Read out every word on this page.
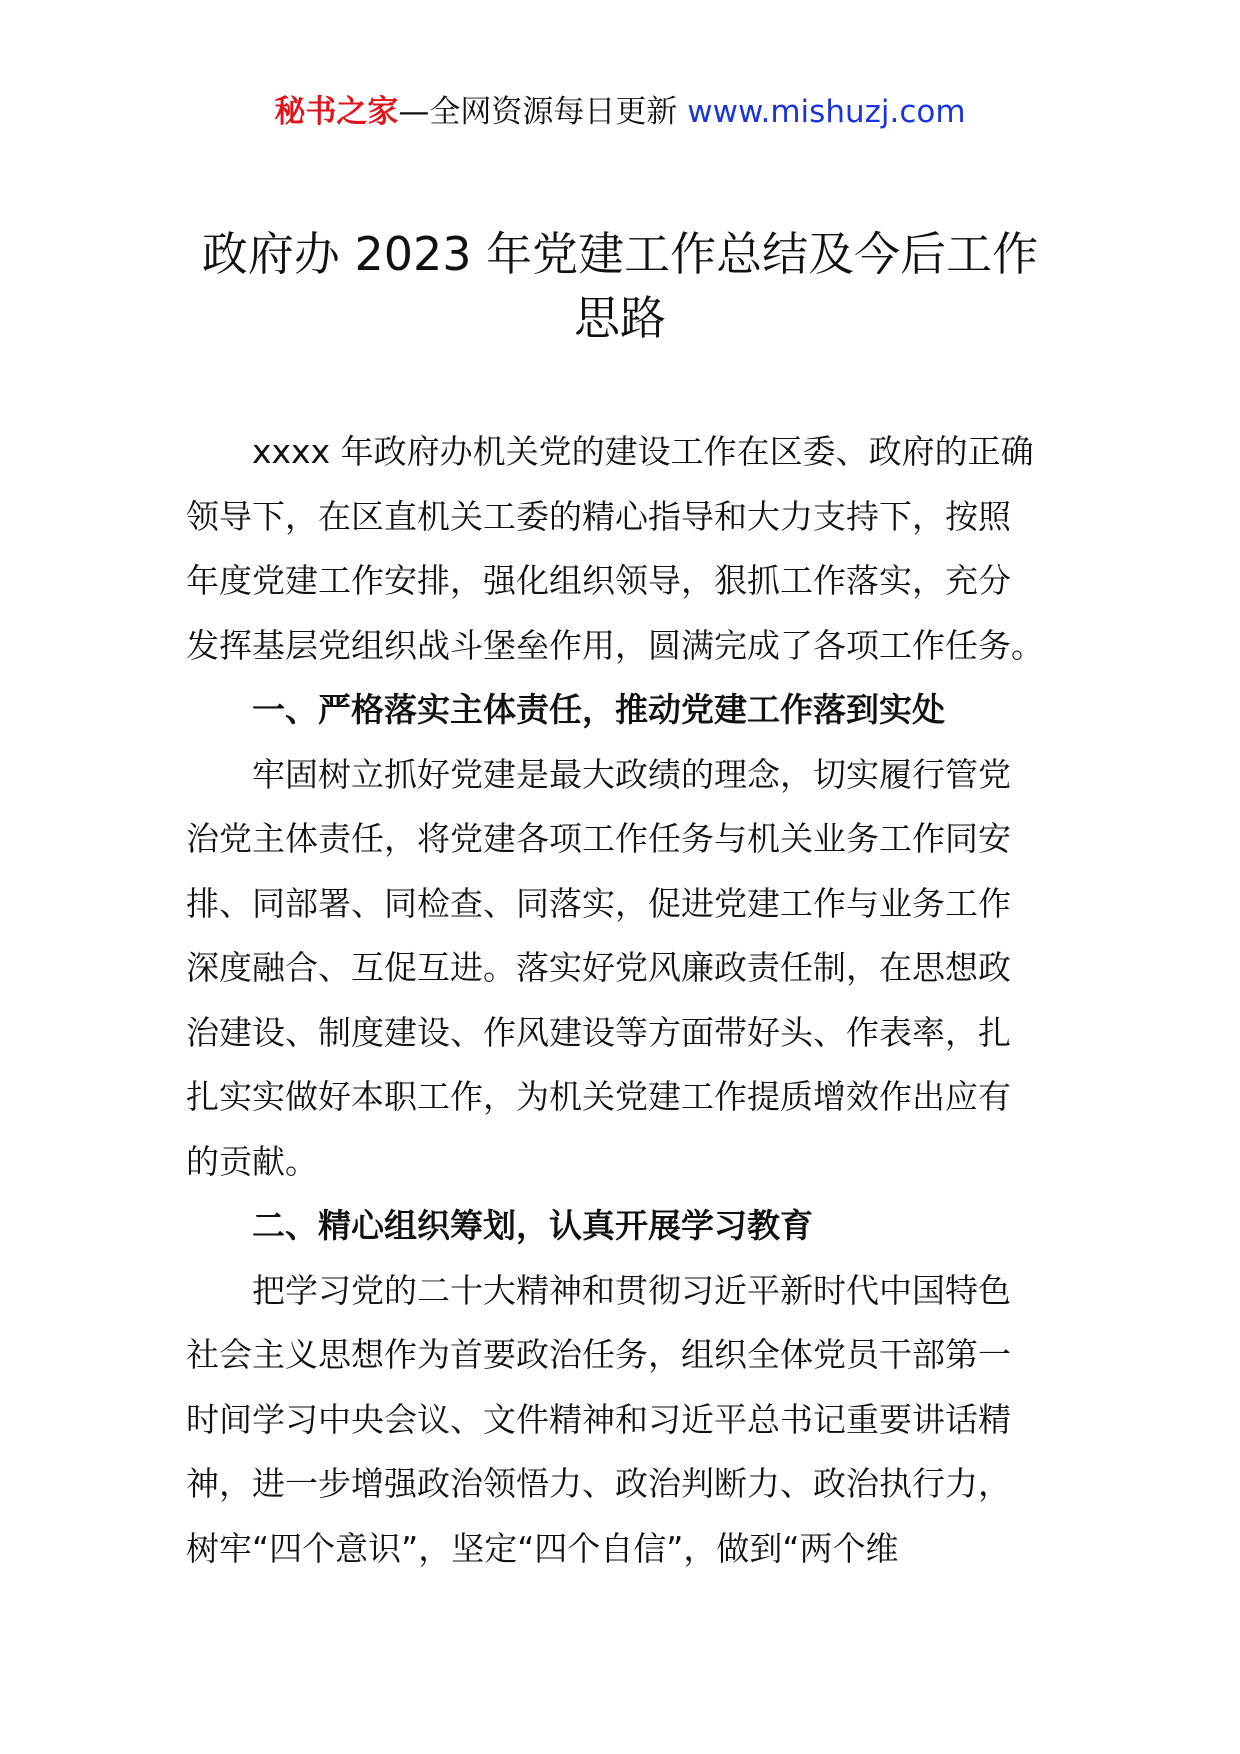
秘书之家—全网资源每日更新 www.mishuzj.com
政府办 2023 年党建工作总结及今后工作
思路
xxxx 年政府办机关党的建设工作在区委、政府的正确
领导下，在区直机关工委的精心指导和大力支持下，按照
年度党建工作安排，强化组织领导，狠抓工作落实，充分
发挥基层党组织战斗堡垒作用，圆满完成了各项工作任务。
一、严格落实主体责任，推动党建工作落到实处
牢固树立抓好党建是最大政绩的理念，切实履行管党
治党主体责任，将党建各项工作任务与机关业务工作同安
排、同部署、同检查、同落实，促进党建工作与业务工作
深度融合、互促互进。落实好党风廉政责任制，在思想政
治建设、制度建设、作风建设等方面带好头、作表率，扎
扎实实做好本职工作，为机关党建工作提质增效作出应有
的贡献。
二、精心组织筹划，认真开展学习教育
把学习党的二十大精神和贯彻习近平新时代中国特色
社会主义思想作为首要政治任务，组织全体党员干部第一
时间学习中央会议、文件精神和习近平总书记重要讲话精
神，进一步增强政治领悟力、政治判断力、政治执行力，
树牢“四个意识”，坚定“四个自信”，做到“两个维
